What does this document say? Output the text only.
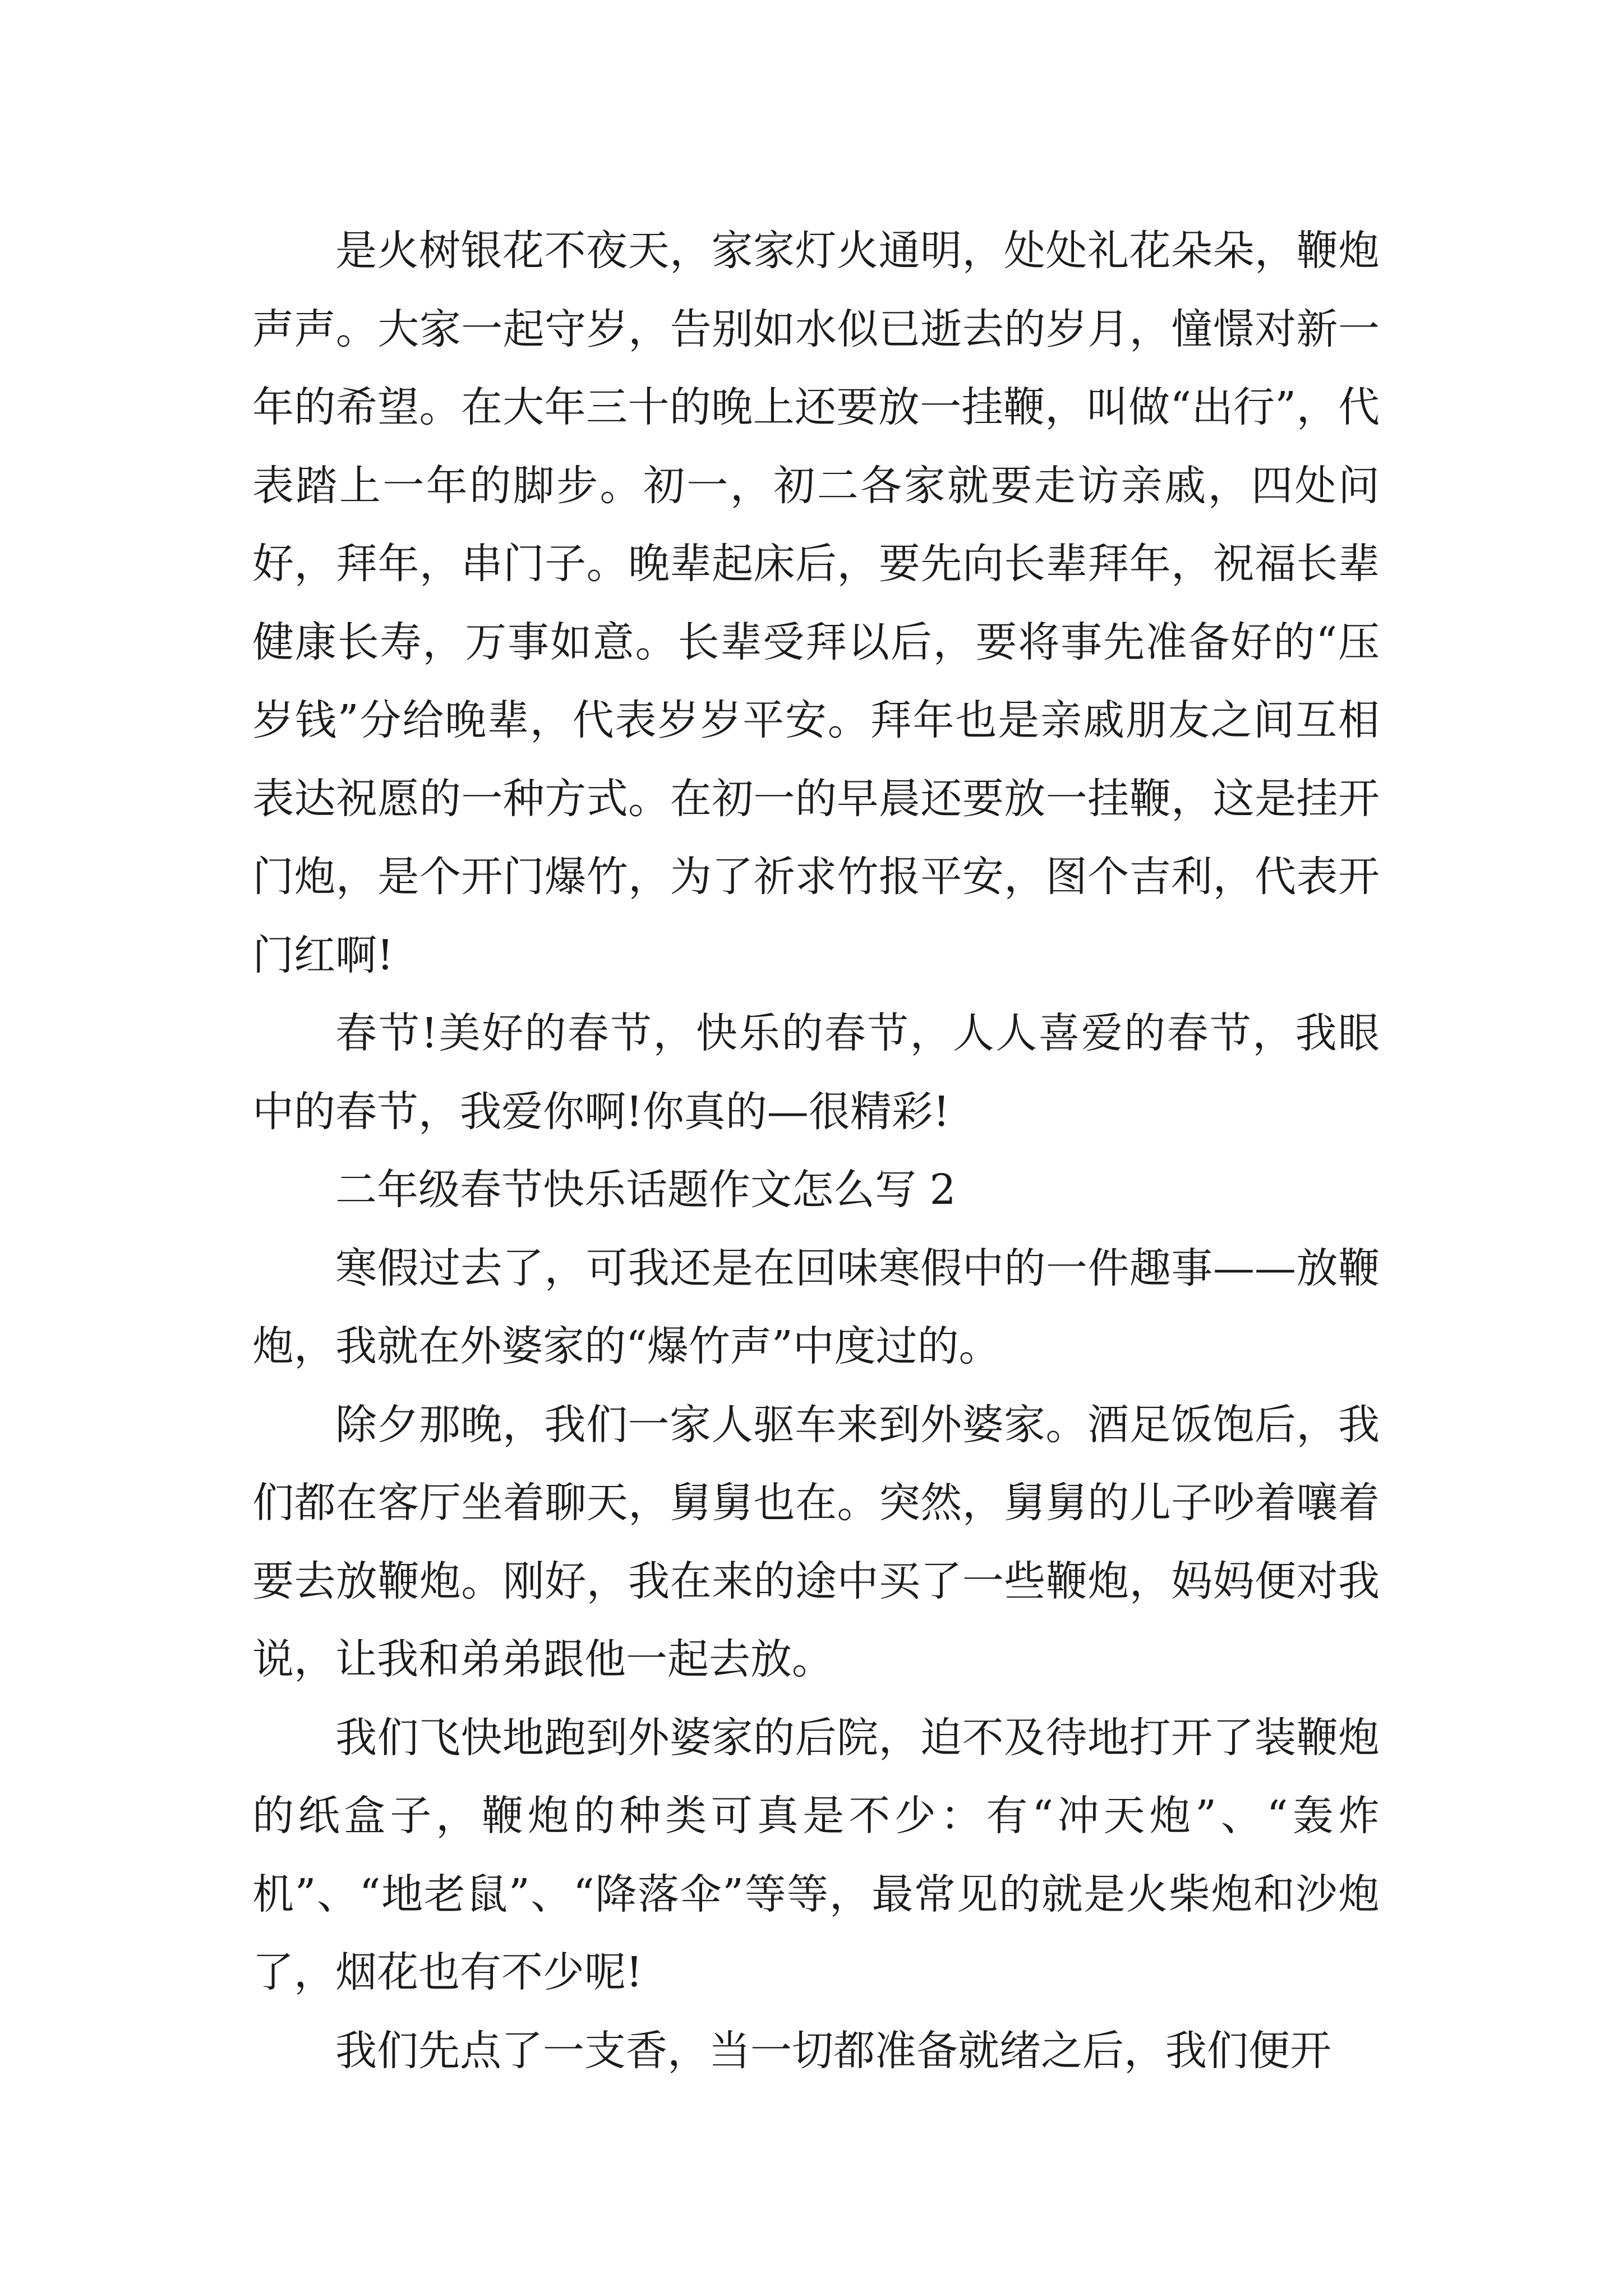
是火树银花不夜天，家家灯火通明，处处礼花朵朵，鞭炮声声。大家一起守岁，告别如水似已逝去的岁月，憧憬对新一年的希望。在大年三十的晚上还要放一挂鞭，叫做“出行”，代表踏上一年的脚步。初一，初二各家就要走访亲戚，四处问好，拜年，串门子。晚辈起床后，要先向长辈拜年，祝福长辈健康长寿，万事如意。长辈受拜以后，要将事先准备好的“压岁钱”分给晚辈，代表岁岁平安。拜年也是亲戚朋友之间互相表达祝愿的一种方式。在初一的早晨还要放一挂鞭，这是挂开门炮，是个开门爆竹，为了祈求竹报平安，图个吉利，代表开门红啊!

春节!美好的春节，快乐的春节，人人喜爱的春节，我眼中的春节，我爱你啊!你真的—很精彩!

二年级春节快乐话题作文怎么写 2

寒假过去了，可我还是在回味寒假中的一件趣事——放鞭炮，我就在外婆家的“爆竹声”中度过的。

除夕那晚，我们一家人驱车来到外婆家。酒足饭饱后，我们都在客厅坐着聊天，舅舅也在。突然，舅舅的儿子吵着嚷着要去放鞭炮。刚好，我在来的途中买了一些鞭炮，妈妈便对我说，让我和弟弟跟他一起去放。

我们飞快地跑到外婆家的后院，迫不及待地打开了装鞭炮的纸盒子，鞭炮的种类可真是不少：有“冲天炮”、“轰炸机”、“地老鼠”、“降落伞”等等，最常见的就是火柴炮和沙炮了，烟花也有不少呢!

我们先点了一支香，当一切都准备就绪之后，我们便开
